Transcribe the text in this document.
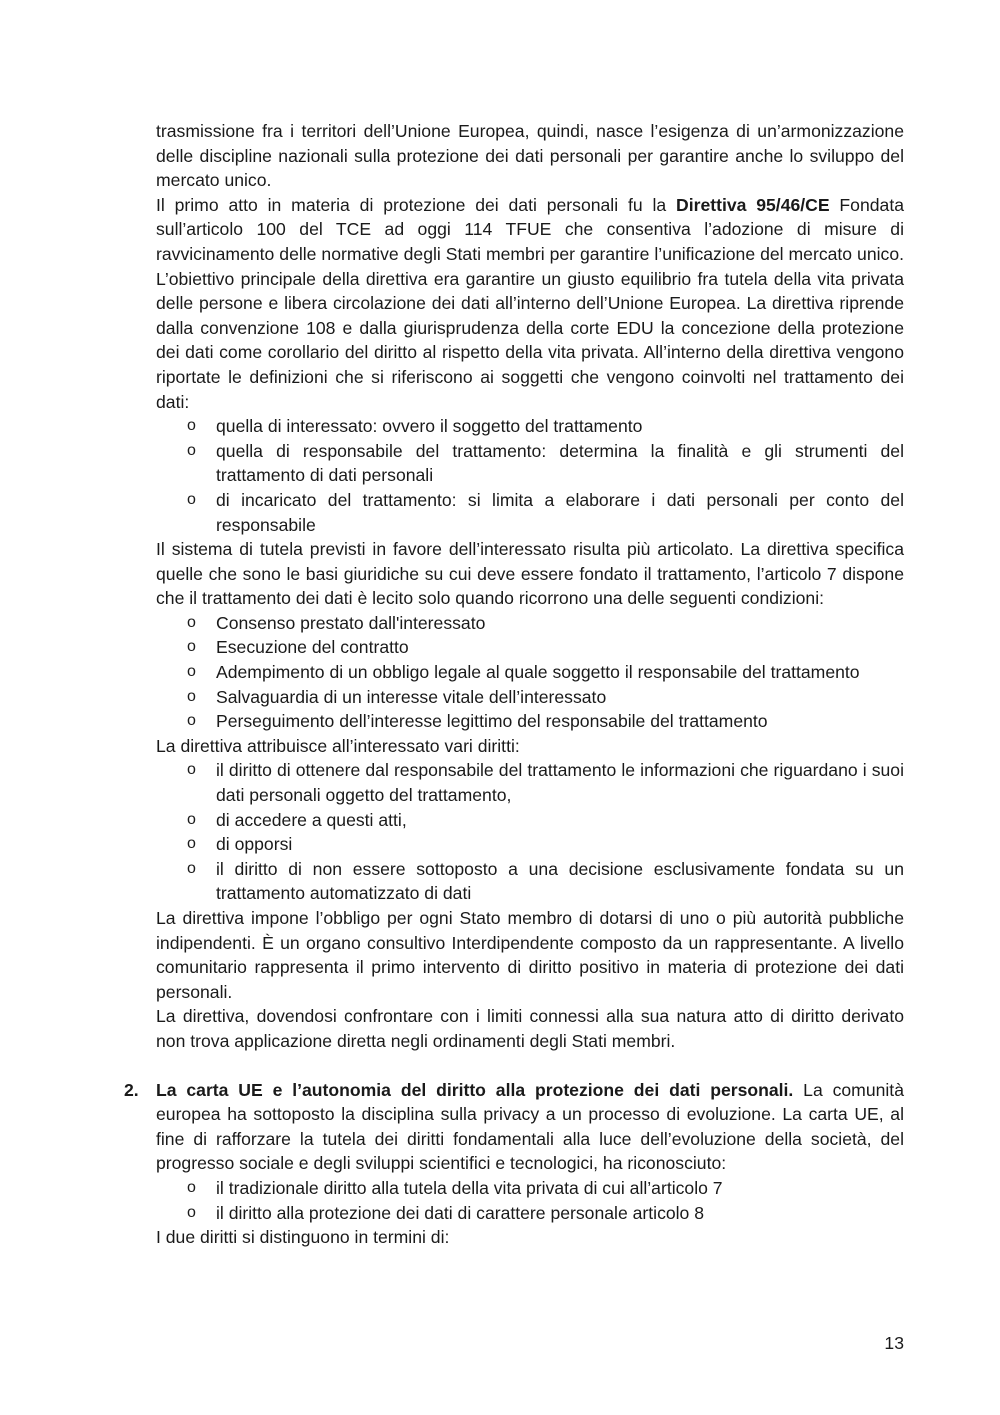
trasmissione fra i territori dell’Unione Europea, quindi, nasce l’esigenza di un’armonizzazione delle discipline nazionali sulla protezione dei dati personali per garantire anche lo sviluppo del mercato unico.

Il primo atto in materia di protezione dei dati personali fu la Direttiva 95/46/CE Fondata sull’articolo 100 del TCE ad oggi 114 TFUE che consentiva l’adozione di misure di ravvicinamento delle normative degli Stati membri per garantire l’unificazione del mercato unico. L’obiettivo principale della direttiva era garantire un giusto equilibrio fra tutela della vita privata delle persone e libera circolazione dei dati all’interno dell’Unione Europea. La direttiva riprende dalla convenzione 108 e dalla giurisprudenza della corte EDU la concezione della protezione dei dati come corollario del diritto al rispetto della vita privata. All’interno della direttiva vengono riportate le definizioni che si riferiscono ai soggetti che vengono coinvolti nel trattamento dei dati:

o quella di interessato: ovvero il soggetto del trattamento
o quella di responsabile del trattamento: determina la finalità e gli strumenti del trattamento di dati personali
o di incaricato del trattamento: si limita a elaborare i dati personali per conto del responsabile

Il sistema di tutela previsti in favore dell’interessato risulta più articolato. La direttiva specifica quelle che sono le basi giuridiche su cui deve essere fondato il trattamento, l’articolo 7 dispone che il trattamento dei dati è lecito solo quando ricorrono una delle seguenti condizioni:

o Consenso prestato dall'interessato
o Esecuzione del contratto
o Adempimento di un obbligo legale al quale soggetto il responsabile del trattamento
o Salvaguardia di un interesse vitale dell’interessato
o Perseguimento dell’interesse legittimo del responsabile del trattamento

La direttiva attribuisce all’interessato vari diritti:

o il diritto di ottenere dal responsabile del trattamento le informazioni che riguardano i suoi dati personali oggetto del trattamento,
o di accedere a questi atti,
o di opporsi
o il diritto di non essere sottoposto a una decisione esclusivamente fondata su un trattamento automatizzato di dati

La direttiva impone l’obbligo per ogni Stato membro di dotarsi di uno o più autorità pubbliche indipendenti. È un organo consultivo Interdipendente composto da un rappresentante. A livello comunitario rappresenta il primo intervento di diritto positivo in materia di protezione dei dati personali.

La direttiva, dovendosi confrontare con i limiti connessi alla sua natura atto di diritto derivato non trova applicazione diretta negli ordinamenti degli Stati membri.

2. La carta UE e l’autonomia del diritto alla protezione dei dati personali. La comunità europea ha sottoposto la disciplina sulla privacy a un processo di evoluzione. La carta UE, al fine di rafforzare la tutela dei diritti fondamentali alla luce dell’evoluzione della società, del progresso sociale e degli sviluppi scientifici e tecnologici, ha riconosciuto:

o il tradizionale diritto alla tutela della vita privata di cui all’articolo 7
o il diritto alla protezione dei dati di carattere personale articolo 8

I due diritti si distinguono in termini di:

13
